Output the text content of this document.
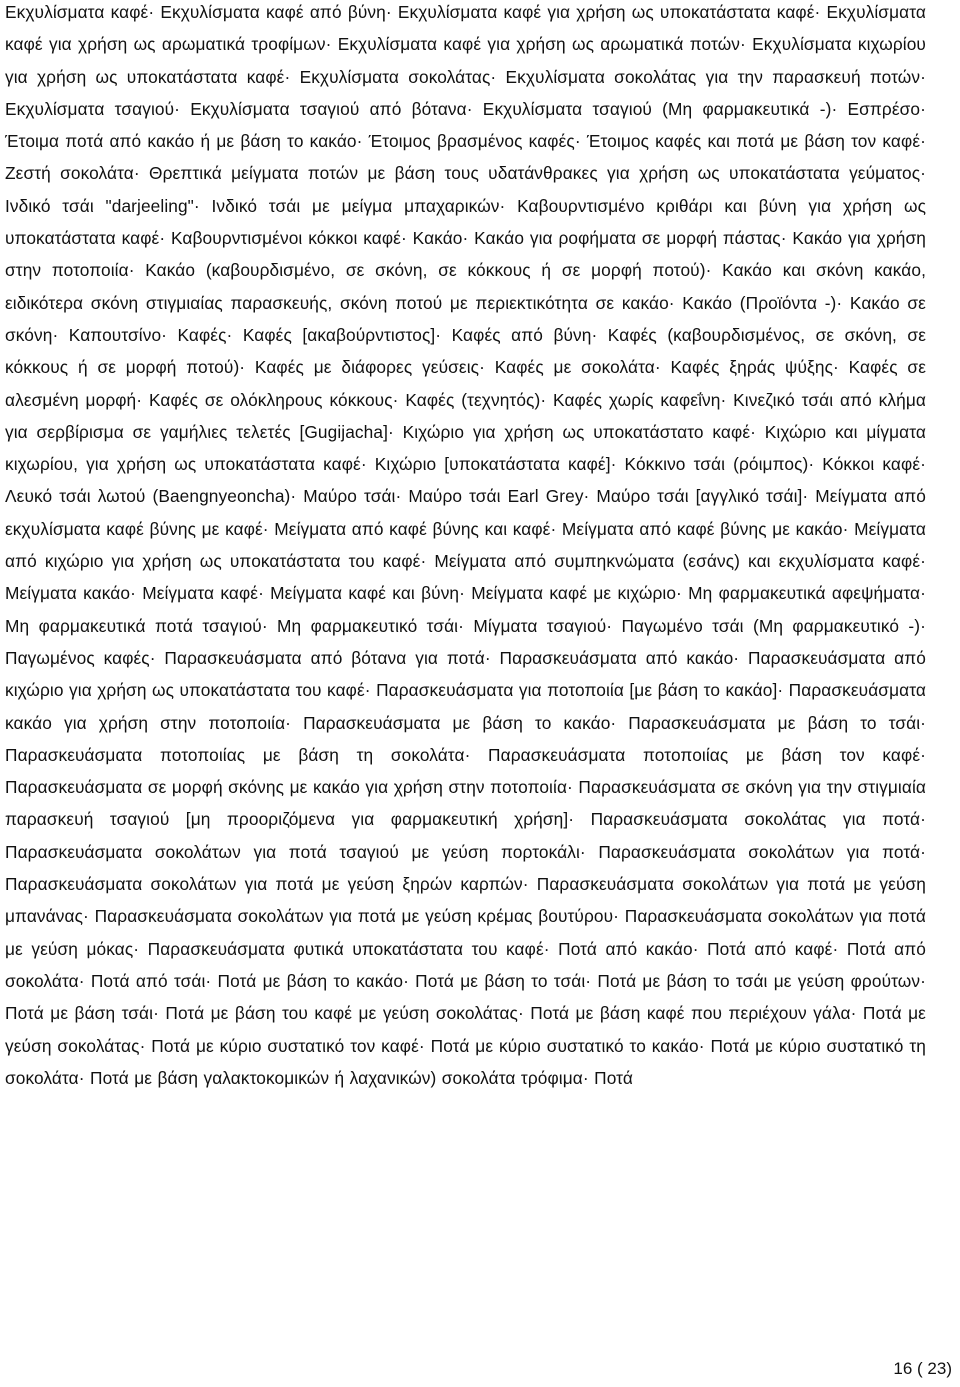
Εκχυλίσματα καφέ· Εκχυλίσματα καφέ από βύνη· Εκχυλίσματα καφέ για χρήση ως υποκατάστατα καφέ· Εκχυλίσματα καφέ για χρήση ως αρωματικά τροφίμων· Εκχυλίσματα καφέ για χρήση ως αρωματικά ποτών· Εκχυλίσματα κιχωρίου για χρήση ως υποκατάστατα καφέ· Εκχυλίσματα σοκολάτας· Εκχυλίσματα σοκολάτας για την παρασκευή ποτών· Εκχυλίσματα τσαγιού· Εκχυλίσματα τσαγιού από βότανα· Εκχυλίσματα τσαγιού (Μη φαρμακευτικά -)· Εσπρέσο· Έτοιμα ποτά από κακάο ή με βάση το κακάο· Έτοιμος βρασμένος καφές· Έτοιμος καφές και ποτά με βάση τον καφέ· Ζεστή σοκολάτα· Θρεπτικά μείγματα ποτών με βάση τους υδατάνθρακες για χρήση ως υποκατάστατα γεύματος· Ινδικό τσάι "darjeeling"· Ινδικό τσάι με μείγμα μπαχαρικών· Καβουρντισμένο κριθάρι και βύνη για χρήση ως υποκατάστατα καφέ· Καβουρντισμένοι κόκκοι καφέ· Κακάο· Κακάο για ροφήματα σε μορφή πάστας· Κακάο για χρήση στην ποτοποιία· Κακάο (καβουρδισμένο, σε σκόνη, σε κόκκους ή σε μορφή ποτού)· Κακάο και σκόνη κακάο, ειδικότερα σκόνη στιγμιαίας παρασκευής, σκόνη ποτού με περιεκτικότητα σε κακάο· Κακάο (Προϊόντα -)· Κακάο σε σκόνη· Καπουτσίνο· Καφές· Καφές [ακαβούρντιστος]· Καφές από βύνη· Καφές (καβουρδισμένος, σε σκόνη, σε κόκκους ή σε μορφή ποτού)· Καφές με διάφορες γεύσεις· Καφές με σοκολάτα· Καφές ξηράς ψύξης· Καφές σε αλεσμένη μορφή· Καφές σε ολόκληρους κόκκους· Καφές (τεχνητός)· Καφές χωρίς καφεΐνη· Κινεζικό τσάι από κλήμα για σερβίρισμα σε γαμήλιες τελετές [Gugijacha]· Κιχώριο για χρήση ως υποκατάστατο καφέ· Κιχώριο και μίγματα κιχωρίου, για χρήση ως υποκατάστατα καφέ· Κιχώριο [υποκατάστατα καφέ]· Κόκκινο τσάι (ρόιμπος)· Κόκκοι καφέ· Λευκό τσάι λωτού (Baengnyeoncha)· Μαύρο τσάι· Μαύρο τσάι Earl Grey· Μαύρο τσάι [αγγλικό τσάι]· Μείγματα από εκχυλίσματα καφέ βύνης με καφέ· Μείγματα από καφέ βύνης και καφέ· Μείγματα από καφέ βύνης με κακάο· Μείγματα από κιχώριο για χρήση ως υποκατάστατα του καφέ· Μείγματα από συμπηκνώματα (εσάνς) και εκχυλίσματα καφέ· Μείγματα κακάο· Μείγματα καφέ· Μείγματα καφέ και βύνη· Μείγματα καφέ με κιχώριο· Μη φαρμακευτικά αφεψήματα· Μη φαρμακευτικά ποτά τσαγιού· Μη φαρμακευτικό τσάι· Μίγματα τσαγιού· Παγωμένο τσάι (Μη φαρμακευτικό -)· Παγωμένος καφές· Παρασκευάσματα από βότανα για ποτά· Παρασκευάσματα από κακάο· Παρασκευάσματα από κιχώριο για χρήση ως υποκατάστατα του καφέ· Παρασκευάσματα για ποτοποιία [με βάση το κακάο]· Παρασκευάσματα κακάο για χρήση στην ποτοποιία· Παρασκευάσματα με βάση το κακάο· Παρασκευάσματα με βάση το τσάι· Παρασκευάσματα ποτοποιίας με βάση τη σοκολάτα· Παρασκευάσματα ποτοποιίας με βάση τον καφέ· Παρασκευάσματα σε μορφή σκόνης με κακάο για χρήση στην ποτοποιία· Παρασκευάσματα σε σκόνη για την στιγμιαία παρασκευή τσαγιού [μη προοριζόμενα για φαρμακευτική χρήση]· Παρασκευάσματα σοκολάτας για ποτά· Παρασκευάσματα σοκολάτων για ποτά τσαγιού με γεύση πορτοκάλι· Παρασκευάσματα σοκολάτων για ποτά· Παρασκευάσματα σοκολάτων για ποτά με γεύση ξηρών καρπών· Παρασκευάσματα σοκολάτων για ποτά με γεύση μπανάνας· Παρασκευάσματα σοκολάτων για ποτά με γεύση κρέμας βουτύρου· Παρασκευάσματα σοκολάτων για ποτά με γεύση μόκας· Παρασκευάσματα φυτικά υποκατάστατα του καφέ· Ποτά από κακάο· Ποτά από καφέ· Ποτά από σοκολάτα· Ποτά από τσάι· Ποτά με βάση το κακάο· Ποτά με βάση το τσάι· Ποτά με βάση το τσάι με γεύση φρούτων· Ποτά με βάση τσάι· Ποτά με βάση του καφέ με γεύση σοκολάτας· Ποτά με βάση καφέ που περιέχουν γάλα· Ποτά με γεύση σοκολάτας· Ποτά με κύριο συστατικό τον καφέ· Ποτά με κύριο συστατικό το κακάο· Ποτά με κύριο συστατικό τη σοκολάτα· Ποτά με βάση γαλακτοκομικών ή λαχανικών) σοκολάτα τρόφιμα· Ποτά

16 ( 23)
